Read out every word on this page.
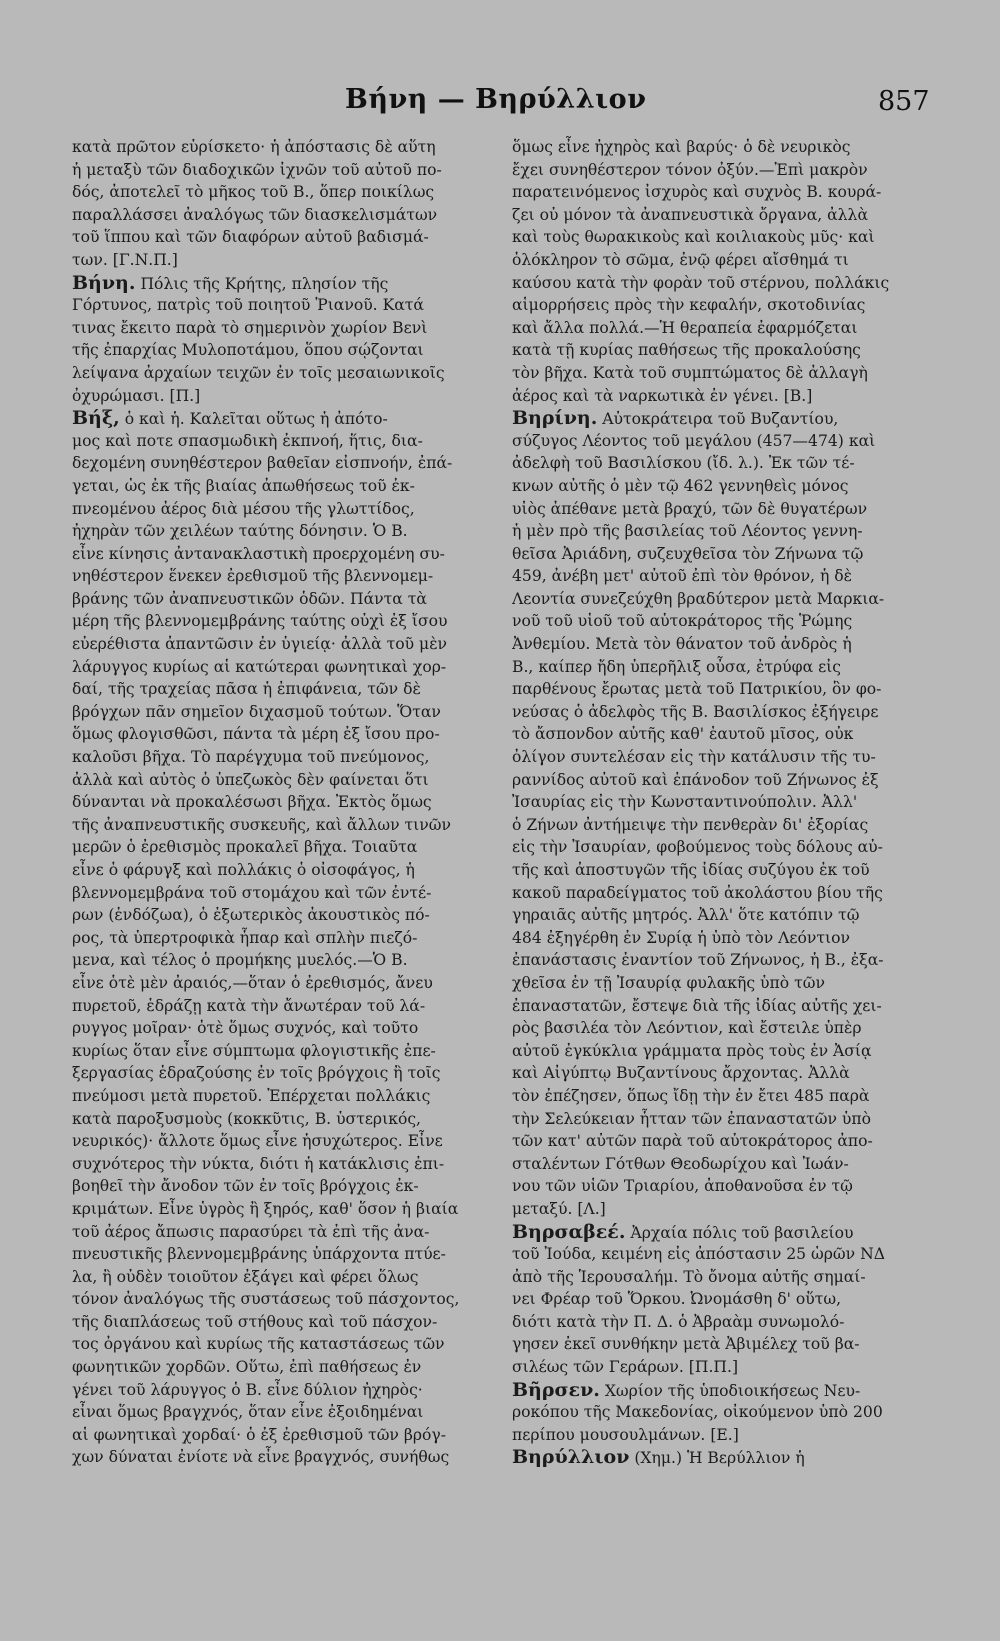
Βήνη — Βηρύλλιον	857
κατὰ πρῶτον εὑρίσκετο· ἡ ἀπόστασις δὲ αὕτη
ἡ μεταξὺ τῶν διαδοχικῶν ἰχνῶν τοῦ αὐτοῦ πο-
δός, ἀποτελεῖ τὸ μῆκος τοῦ Β., ὅπερ ποικίλως
παραλλάσσει ἀναλόγως τῶν διασκελισμάτων
τοῦ ἵππου καὶ τῶν διαφόρων αὐτοῦ βαδισμά-
των. [Γ.Ν.Π.]
Βήνη. Πόλις τῆς Κρήτης, πλησίον τῆς
Γόρτυνος, πατρὶς τοῦ ποιητοῦ Ῥιανοῦ. Κατά
τινας ἔκειτο παρὰ τὸ σημερινὸν χωρίον Βενὶ
τῆς ἐπαρχίας Μυλοποτάμου, ὅπου σῴζονται
λείψανα ἀρχαίων τειχῶν ἐν τοῖς μεσαιωνικοῖς
ὀχυρώμασι. [Π.]
Βήξ, ὁ καὶ ἡ. Καλεῖται οὕτως ἡ ἀπότο-
μος καὶ ποτε σπασμωδικὴ ἐκπνοή, ἥτις, δια-
δεχομένη συνηθέστερον βαθεῖαν εἰσπνοήν, ἐπά-
γεται, ὡς ἐκ τῆς βιαίας ἀπωθήσεως τοῦ ἐκ-
πνεομένου ἀέρος διὰ μέσου τῆς γλωττίδος,
ἠχηρὰν τῶν χειλέων ταύτης δόνησιν. Ὁ Β.
εἶνε κίνησις ἀντανακλαστικὴ προερχομένη συ-
νηθέστερον ἕνεκεν ἐρεθισμοῦ τῆς βλεννομεμ-
βράνης τῶν ἀναπνευστικῶν ὁδῶν. Πάντα τὰ
μέρη τῆς βλεννομεμβράνης ταύτης οὐχὶ ἐξ ἴσου
εὐερέθιστα ἀπαντῶσιν ἐν ὑγιείᾳ· ἀλλὰ τοῦ μὲν
λάρυγγος κυρίως αἱ κατώτεραι φωνητικαὶ χορ-
δαί, τῆς τραχείας πᾶσα ἡ ἐπιφάνεια, τῶν δὲ
βρόγχων πᾶν σημεῖον διχασμοῦ τούτων. Ὅταν
ὅμως φλογισθῶσι, πάντα τὰ μέρη ἐξ ἴσου προ-
καλοῦσι βῆχα. Τὸ παρέγχυμα τοῦ πνεύμονος,
ἀλλὰ καὶ αὐτὸς ὁ ὑπεζωκὸς δὲν φαίνεται ὅτι
δύνανται νὰ προκαλέσωσι βῆχα. Ἐκτὸς ὅμως
τῆς ἀναπνευστικῆς συσκευῆς, καὶ ἄλλων τινῶν
μερῶν ὁ ἐρεθισμὸς προκαλεῖ βῆχα. Τοιαῦτα
εἶνε ὁ φάρυγξ καὶ πολλάκις ὁ οἰσοφάγος, ἡ
βλεννομεμβράνα τοῦ στομάχου καὶ τῶν ἐντέ-
ρων (ἐνδόζωα), ὁ ἐξωτερικὸς ἀκουστικὸς πό-
ρος, τὰ ὑπερτροφικὰ ἧπαρ καὶ σπλὴν πιεζό-
μενα, καὶ τέλος ὁ προμήκης μυελός.—Ὁ Β.
εἶνε ὁτὲ μὲν ἀραιός,—ὅταν ὁ ἐρεθισμός, ἄνευ
πυρετοῦ, ἑδράζῃ κατὰ τὴν ἄνωτέραν τοῦ λά-
ρυγγος μοῖραν· ὁτὲ ὅμως συχνός, καὶ τοῦτο
κυρίως ὅταν εἶνε σύμπτωμα φλογιστικῆς ἐπε-
ξεργασίας ἑδραζούσης ἐν τοῖς βρόγχοις ἢ τοῖς
πνεύμοσι μετὰ πυρετοῦ. Ἐπέρχεται πολλάκις
κατὰ παροξυσμοὺς (κοκκῦτις, Β. ὑστερικός,
νευρικός)· ἄλλοτε ὅμως εἶνε ἡσυχώτερος. Εἶνε
συχνότερος τὴν νύκτα, διότι ἡ κατάκλισις ἐπι-
βοηθεῖ τὴν ἄνοδον τῶν ἐν τοῖς βρόγχοις ἐκ-
κριμάτων. Εἶνε ὑγρὸς ἢ ξηρός, καθ' ὅσον ἡ βιαία
τοῦ ἀέρος ἄπωσις παρασύρει τὰ ἐπὶ τῆς ἀνα-
πνευστικῆς βλεννομεμβράνης ὑπάρχοντα πτύε-
λα, ἢ οὐδὲν τοιοῦτον ἐξάγει καὶ φέρει ὅλως
τόνον ἀναλόγως τῆς συστάσεως τοῦ πάσχοντος,
τῆς διαπλάσεως τοῦ στήθους καὶ τοῦ πάσχον-
τος ὀργάνου καὶ κυρίως τῆς καταστάσεως τῶν
φωνητικῶν χορδῶν. Οὕτω, ἐπὶ παθήσεως ἐν
γένει τοῦ λάρυγγος ὁ Β. εἶνε δύλιον ἠχηρὸς·
εἶναι ὅμως βραγχνός, ὅταν εἶνε ἐξοιδημέναι
αἱ φωνητικαὶ χορδαί· ὁ ἐξ ἐρεθισμοῦ τῶν βρόγ-
χων δύναται ἐνίοτε νὰ εἶνε βραγχνός, συνήθως
ὅμως εἶνε ἠχηρὸς καὶ βαρύς· ὁ δὲ νευρικὸς
ἔχει συνηθέστερον τόνον ὀξύν.—Ἐπὶ μακρὸν
παρατεινόμενος ἰσχυρὸς καὶ συχνὸς Β. κουρά-
ζει οὐ μόνον τὰ ἀναπνευστικὰ ὄργανα, ἀλλὰ
καὶ τοὺς θωρακικοὺς καὶ κοιλιακοὺς μῦς· καὶ
ὁλόκληρον τὸ σῶμα, ἐνῷ φέρει αἴσθημά τι
καύσου κατὰ τὴν φορὰν τοῦ στέρνου, πολλάκις
αἱμορρήσεις πρὸς τὴν κεφαλήν, σκοτοδινίας
καὶ ἄλλα πολλά.—Ἡ θεραπεία ἐφαρμόζεται
κατὰ τῇ κυρίας παθήσεως τῆς προκαλούσης
τὸν βῆχα. Κατὰ τοῦ συμπτώματος δὲ ἀλλαγὴ
ἀέρος καὶ τὰ ναρκωτικὰ ἐν γένει. [Β.]
Βηρίνη. Αὐτοκράτειρα τοῦ Βυζαντίου,
σύζυγος Λέοντος τοῦ μεγάλου (457—474) καὶ
ἀδελφὴ τοῦ Βασιλίσκου (ἴδ. λ.). Ἐκ τῶν τέ-
κνων αὐτῆς ὁ μὲν τῷ 462 γεννηθεὶς μόνος
υἱὸς ἀπέθανε μετὰ βραχύ, τῶν δὲ θυγατέρων
ἡ μὲν πρὸ τῆς βασιλείας τοῦ Λέοντος γεννη-
θεῖσα Ἀριάδνη, συζευχθεῖσα τὸν Ζήνωνα τῷ
459, ἀνέβη μετ' αὐτοῦ ἐπὶ τὸν θρόνον, ἡ δὲ
Λεοντία συνεζεύχθη βραδύτερον μετὰ Μαρκια-
νοῦ τοῦ υἱοῦ τοῦ αὐτοκράτορος τῆς Ῥώμης
Ἀνθεμίου. Μετὰ τὸν θάνατον τοῦ ἀνδρὸς ἡ
Β., καίπερ ἤδη ὑπερῆλιξ οὖσα, ἐτρύφα εἰς
παρθένους ἔρωτας μετὰ τοῦ Πατρικίου, ὃν φο-
νεύσας ὁ ἀδελφὸς τῆς Β. Βασιλίσκος ἐξήγειρε
τὸ ἄσπονδον αὐτῆς καθ' ἑαυτοῦ μῖσος, οὐκ
ὀλίγον συντελέσαν εἰς τὴν κατάλυσιν τῆς τυ-
ραννίδος αὐτοῦ καὶ ἐπάνοδον τοῦ Ζήνωνος ἐξ
Ἰσαυρίας εἰς τὴν Κωνσταντινούπολιν. Ἀλλ'
ὁ Ζήνων ἀντήμειψε τὴν πενθερὰν δι' ἐξορίας
εἰς τὴν Ἰσαυρίαν, φοβούμενος τοὺς δόλους αὐ-
τῆς καὶ ἀποστυγῶν τῆς ἰδίας συζύγου ἐκ τοῦ
κακοῦ παραδείγματος τοῦ ἀκολάστου βίου τῆς
γηραιᾶς αὐτῆς μητρός. Ἀλλ' ὅτε κατόπιν τῷ
484 ἐξηγέρθη ἐν Συρίᾳ ἡ ὑπὸ τὸν Λεόντιον
ἐπανάστασις ἐναντίον τοῦ Ζήνωνος, ἡ Β., ἐξα-
χθεῖσα ἐν τῇ Ἰσαυρίᾳ φυλακῆς ὑπὸ τῶν
ἐπαναστατῶν, ἔστεψε διὰ τῆς ἰδίας αὐτῆς χει-
ρὸς βασιλέα τὸν Λεόντιον, καὶ ἔστειλε ὑπὲρ
αὐτοῦ ἐγκύκλια γράμματα πρὸς τοὺς ἐν Ἀσίᾳ
καὶ Αἰγύπτῳ Βυζαντίνους ἄρχοντας. Ἀλλὰ
τὸν ἐπέζησεν, ὅπως ἴδῃ τὴν ἐν ἔτει 485 παρὰ
τὴν Σελεύκειαν ἧτταν τῶν ἐπαναστατῶν ὑπὸ
τῶν κατ' αὐτῶν παρὰ τοῦ αὐτοκράτορος ἀπο-
σταλέντων Γότθων Θεοδωρίχου καὶ Ἰωάν-
νου τῶν υἱῶν Τριαρίου, ἀποθανοῦσα ἐν τῷ
μεταξύ. [Λ.]
Βηρσαβεέ. Ἀρχαία πόλις τοῦ βασιλείου
τοῦ Ἰούδα, κειμένη εἰς ἀπόστασιν 25 ὡρῶν ΝΔ
ἀπὸ τῆς Ἱερουσαλήμ. Τὸ ὄνομα αὐτῆς σημαί-
νει Φρέαρ τοῦ Ὅρκου. Ὠνομάσθη δ' οὕτω,
διότι κατὰ τὴν Π. Δ. ὁ Ἀβραὰμ συνωμολό-
γησεν ἐκεῖ συνθήκην μετὰ Ἀβιμέλεχ τοῦ βα-
σιλέως τῶν Γεράρων. [Π.Π.]
Βῆρσεν. Χωρίον τῆς ὑποδιοικήσεως Νευ-
ροκόπου τῆς Μακεδονίας, οἰκούμενον ὑπὸ 200
περίπου μουσουλμάνων. [Ε.]
Βηρύλλιον (Χημ.) Ἡ Βερύλλιον ἡ
